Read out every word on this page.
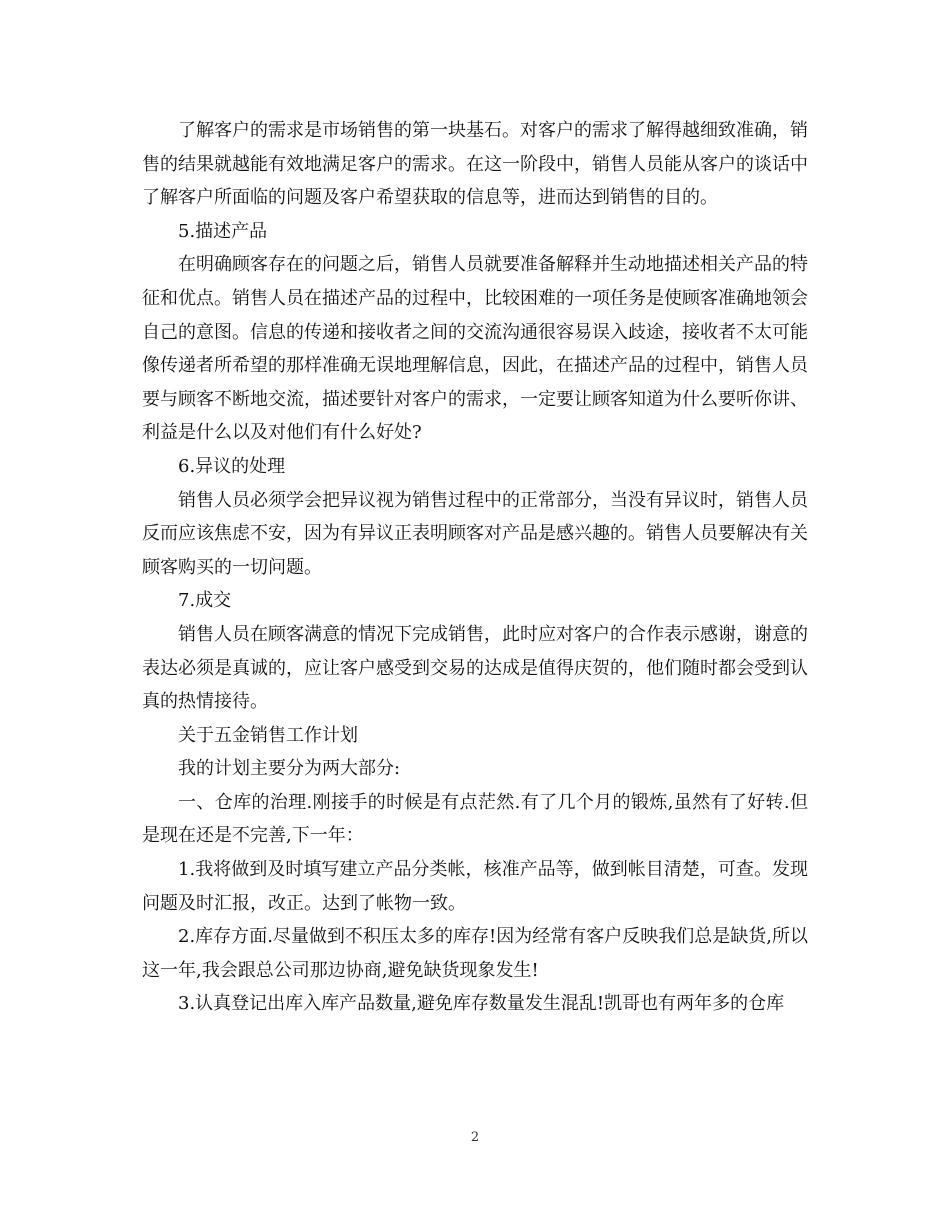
了解客户的需求是市场销售的第一块基石。对客户的需求了解得越细致准确，销售的结果就越能有效地满足客户的需求。在这一阶段中，销售人员能从客户的谈话中了解客户所面临的问题及客户希望获取的信息等，进而达到销售的目的。

5.描述产品

在明确顾客存在的问题之后，销售人员就要准备解释并生动地描述相关产品的特征和优点。销售人员在描述产品的过程中，比较困难的一项任务是使顾客准确地领会自己的意图。信息的传递和接收者之间的交流沟通很容易误入歧途，接收者不太可能像传递者所希望的那样准确无误地理解信息，因此，在描述产品的过程中，销售人员要与顾客不断地交流，描述要针对客户的需求，一定要让顾客知道为什么要听你讲、利益是什么以及对他们有什么好处?

6.异议的处理

销售人员必须学会把异议视为销售过程中的正常部分，当没有异议时，销售人员反而应该焦虑不安，因为有异议正表明顾客对产品是感兴趣的。销售人员要解决有关顾客购买的一切问题。

7.成交

销售人员在顾客满意的情况下完成销售，此时应对客户的合作表示感谢，谢意的表达必须是真诚的，应让客户感受到交易的达成是值得庆贺的，他们随时都会受到认真的热情接待。

关于五金销售工作计划

我的计划主要分为两大部分:

一、仓库的治理.刚接手的时候是有点茫然.有了几个月的锻炼,虽然有了好转.但是现在还是不完善,下一年：

1.我将做到及时填写建立产品分类帐，核准产品等，做到帐目清楚，可查。发现问题及时汇报，改正。达到了帐物一致。

2.库存方面.尽量做到不积压太多的库存!因为经常有客户反映我们总是缺货,所以这一年,我会跟总公司那边协商,避免缺货现象发生!

3.认真登记出库入库产品数量,避免库存数量发生混乱!凯哥也有两年多的仓库

2
